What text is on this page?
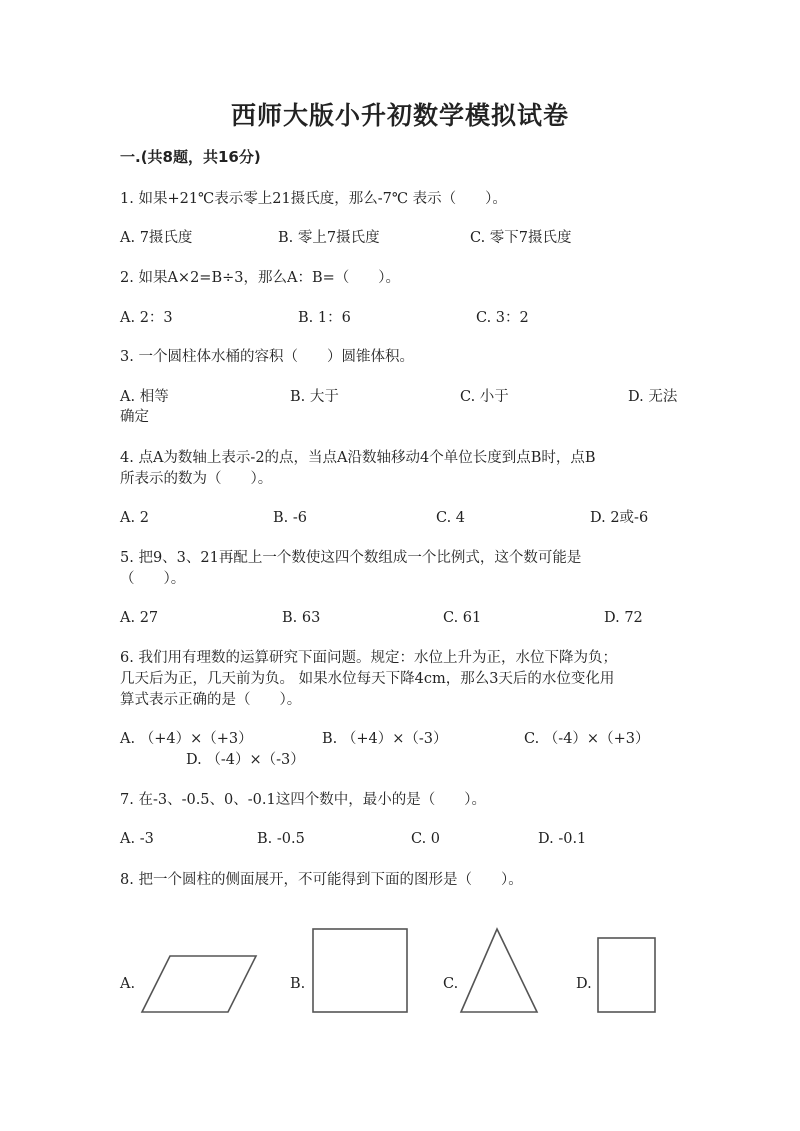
西师大版小升初数学模拟试卷
一.(共8题，共16分)
1. 如果+21℃表示零上21摄氏度，那么-7℃ 表示（　　）。
A. 7摄氏度	B. 零上7摄氏度	C. 零下7摄氏度
2. 如果A×2=B÷3，那么A：B=（　　）。
A. 2：3	B. 1：6	C. 3：2
3. 一个圆柱体水桶的容积（　　）圆锥体积。
A. 相等	B. 大于	C. 小于	D. 无法
确定
4. 点A为数轴上表示-2的点，当点A沿数轴移动4个单位长度到点B时，点B
所表示的数为（　　）。
A. 2	B. -6	C. 4	D. 2或-6
5. 把9、3、21再配上一个数使这四个数组成一个比例式，这个数可能是
（　　）。
A. 27	B. 63	C. 61	D. 72
6. 我们用有理数的运算研究下面问题。规定：水位上升为正，水位下降为负；
几天后为正，几天前为负。 如果水位每天下降4cm，那么3天后的水位变化用
算式表示正确的是（　　）。
A. （+4）×（+3）	B. （+4）×（-3）	C. （-4）×（+3）
D. （-4）×（-3）
7. 在-3、-0.5、0、-0.1这四个数中，最小的是（　　）。
A. -3	B. -0.5	C. 0	D. -0.1
8. 把一个圆柱的侧面展开，不可能得到下面的图形是（　　）。
A.	B.	C.	D.
